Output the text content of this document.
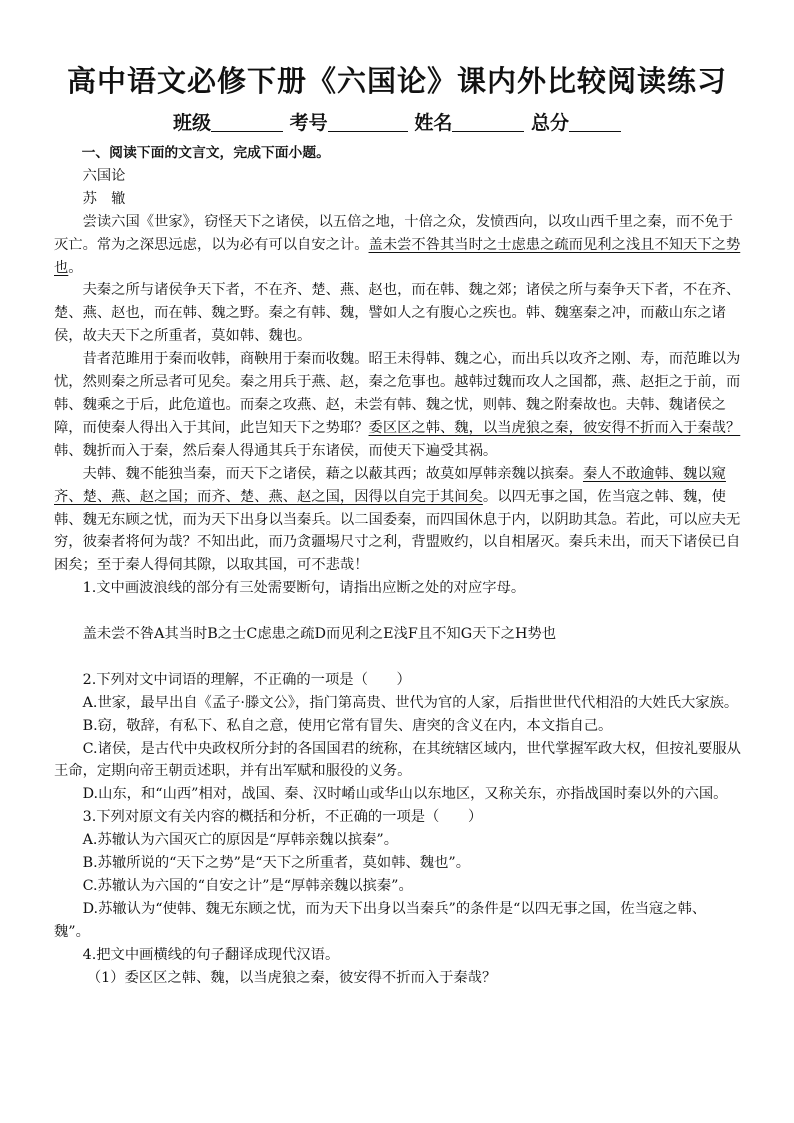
高中语文必修下册《六国论》课内外比较阅读练习
班级	考号	姓名	总分

一、阅读下面的文言文，完成下面小题。

六国论

苏　辙

尝读六国《世家》，窃怪天下之诸侯，以五倍之地，十倍之众，发愤西向，以攻山西千里之秦，而不免于灭亡。常为之深思远虑，以为必有可以自安之计。盖未尝不咎其当时之士虑患之疏而见利之浅且不知天下之势也。

夫秦之所与诸侯争天下者，不在齐、楚、燕、赵也，而在韩、魏之郊；诸侯之所与秦争天下者，不在齐、楚、燕、赵也，而在韩、魏之野。秦之有韩、魏，譬如人之有腹心之疾也。韩、魏塞秦之冲，而蔽山东之诸侯，故夫天下之所重者，莫如韩、魏也。

昔者范雎用于秦而收韩，商鞅用于秦而收魏。昭王未得韩、魏之心，而出兵以攻齐之刚、寿，而范雎以为忧，然则秦之所忌者可见矣。秦之用兵于燕、赵，秦之危事也。越韩过魏而攻人之国都，燕、赵拒之于前，而韩、魏乘之于后，此危道也。而秦之攻燕、赵，未尝有韩、魏之忧，则韩、魏之附秦故也。夫韩、魏诸侯之障，而使秦人得出入于其间，此岂知天下之势耶？委区区之韩、魏，以当虎狼之秦，彼安得不折而入于秦哉？韩、魏折而入于秦，然后秦人得通其兵于东诸侯，而使天下遍受其祸。

夫韩、魏不能独当秦，而天下之诸侯，藉之以蔽其西；故莫如厚韩亲魏以摈秦。秦人不敢逾韩、魏以窥齐、楚、燕、赵之国；而齐、楚、燕、赵之国，因得以自完于其间矣。以四无事之国，佐当寇之韩、魏，使韩、魏无东顾之忧，而为天下出身以当秦兵。以二国委秦，而四国休息于内，以阴助其急。若此，可以应夫无穷，彼秦者将何为哉？不知出此，而乃贪疆埸尺寸之利，背盟败约，以自相屠灭。秦兵未出，而天下诸侯已自困矣；至于秦人得伺其隙，以取其国，可不悲哉！

1.文中画波浪线的部分有三处需要断句，请指出应断之处的对应字母。

盖未尝不咎A其当时B之士C虑患之疏D而见利之E浅F且不知G天下之H势也

2.下列对文中词语的理解，不正确的一项是（　　）

A.世家，最早出自《孟子·滕文公》，指门第高贵、世代为官的人家，后指世世代代相沿的大姓氏大家族。

B.窃，敬辞，有私下、私自之意，使用它常有冒失、唐突的含义在内，本文指自己。

C.诸侯，是古代中央政权所分封的各国国君的统称，在其统辖区域内，世代掌握军政大权，但按礼要服从王命，定期向帝王朝贡述职，并有出军赋和服役的义务。

D.山东，和“山西”相对，战国、秦、汉时崤山或华山以东地区，又称关东，亦指战国时秦以外的六国。

3.下列对原文有关内容的概括和分析，不正确的一项是（　　）

A.苏辙认为六国灭亡的原因是“厚韩亲魏以摈秦”。

B.苏辙所说的“天下之势”是“天下之所重者，莫如韩、魏也”。

C.苏辙认为六国的“自安之计”是“厚韩亲魏以摈秦”。

D.苏辙认为“使韩、魏无东顾之忧，而为天下出身以当秦兵”的条件是“以四无事之国，佐当寇之韩、魏”。

4.把文中画横线的句子翻译成现代汉语。

（1）委区区之韩、魏，以当虎狼之秦，彼安得不折而入于秦哉？
